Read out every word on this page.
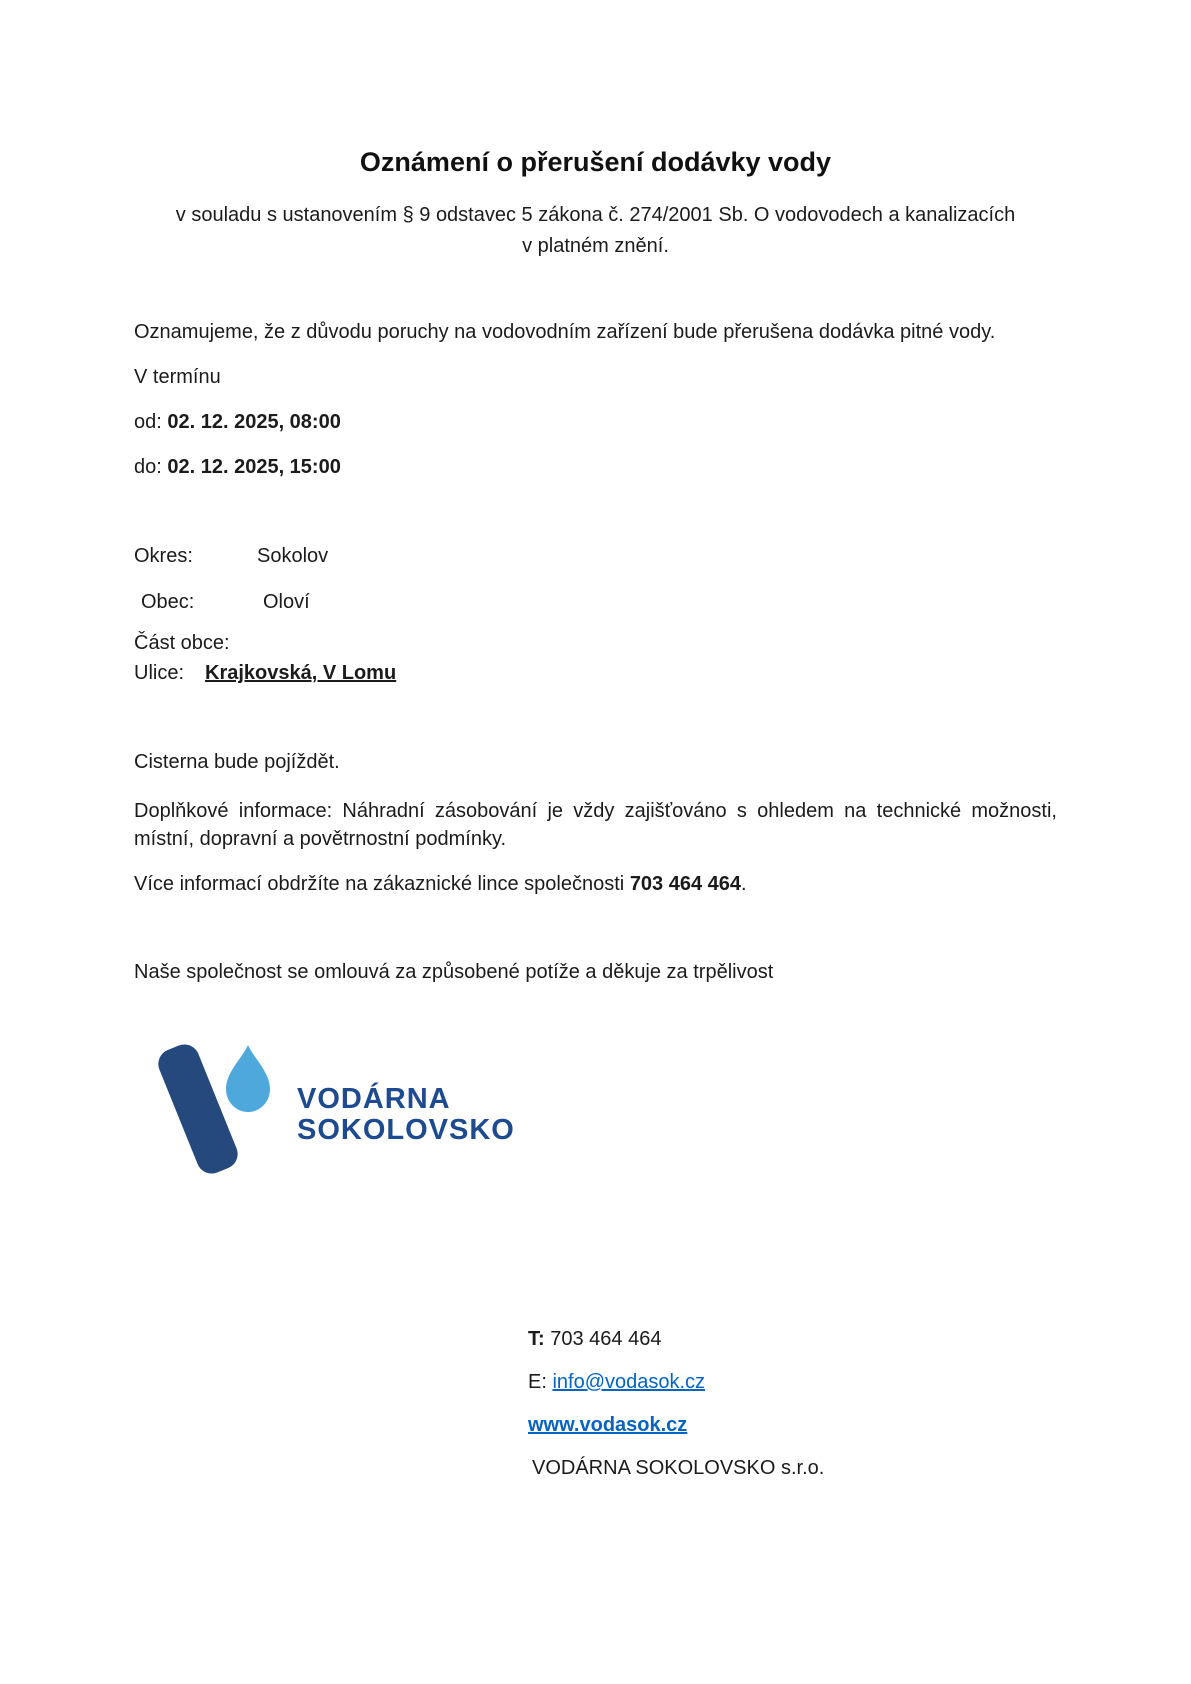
Oznámení o přerušení dodávky vody
v souladu s ustanovením § 9 odstavec 5 zákona č. 274/2001 Sb. O vodovodech a kanalizacích
v platném znění.

Oznamujeme, že z důvodu poruchy na vodovodním zařízení bude přerušena dodávka pitné vody.

V termínu

od: 02. 12. 2025, 08:00

do: 02. 12. 2025, 15:00

Okres:	Sokolov

Obec:	Oloví

Část obce:
Ulice: Krajkovská, V Lomu

Cisterna bude pojíždět.

Doplňkové informace: Náhradní zásobování je vždy zajišťováno s ohledem na technické možnosti, místní, dopravní a povětrnostní podmínky.

Více informací obdržíte na zákaznické lince společnosti 703 464 464.

Naše společnost se omlouvá za způsobené potíže a děkuje za trpělivost

VODÁRNA
SOKOLOVSKO
T: 703 464 464
E: info@vodasok.cz
www.vodasok.cz
VODÁRNA SOKOLOVSKO s.r.o.
